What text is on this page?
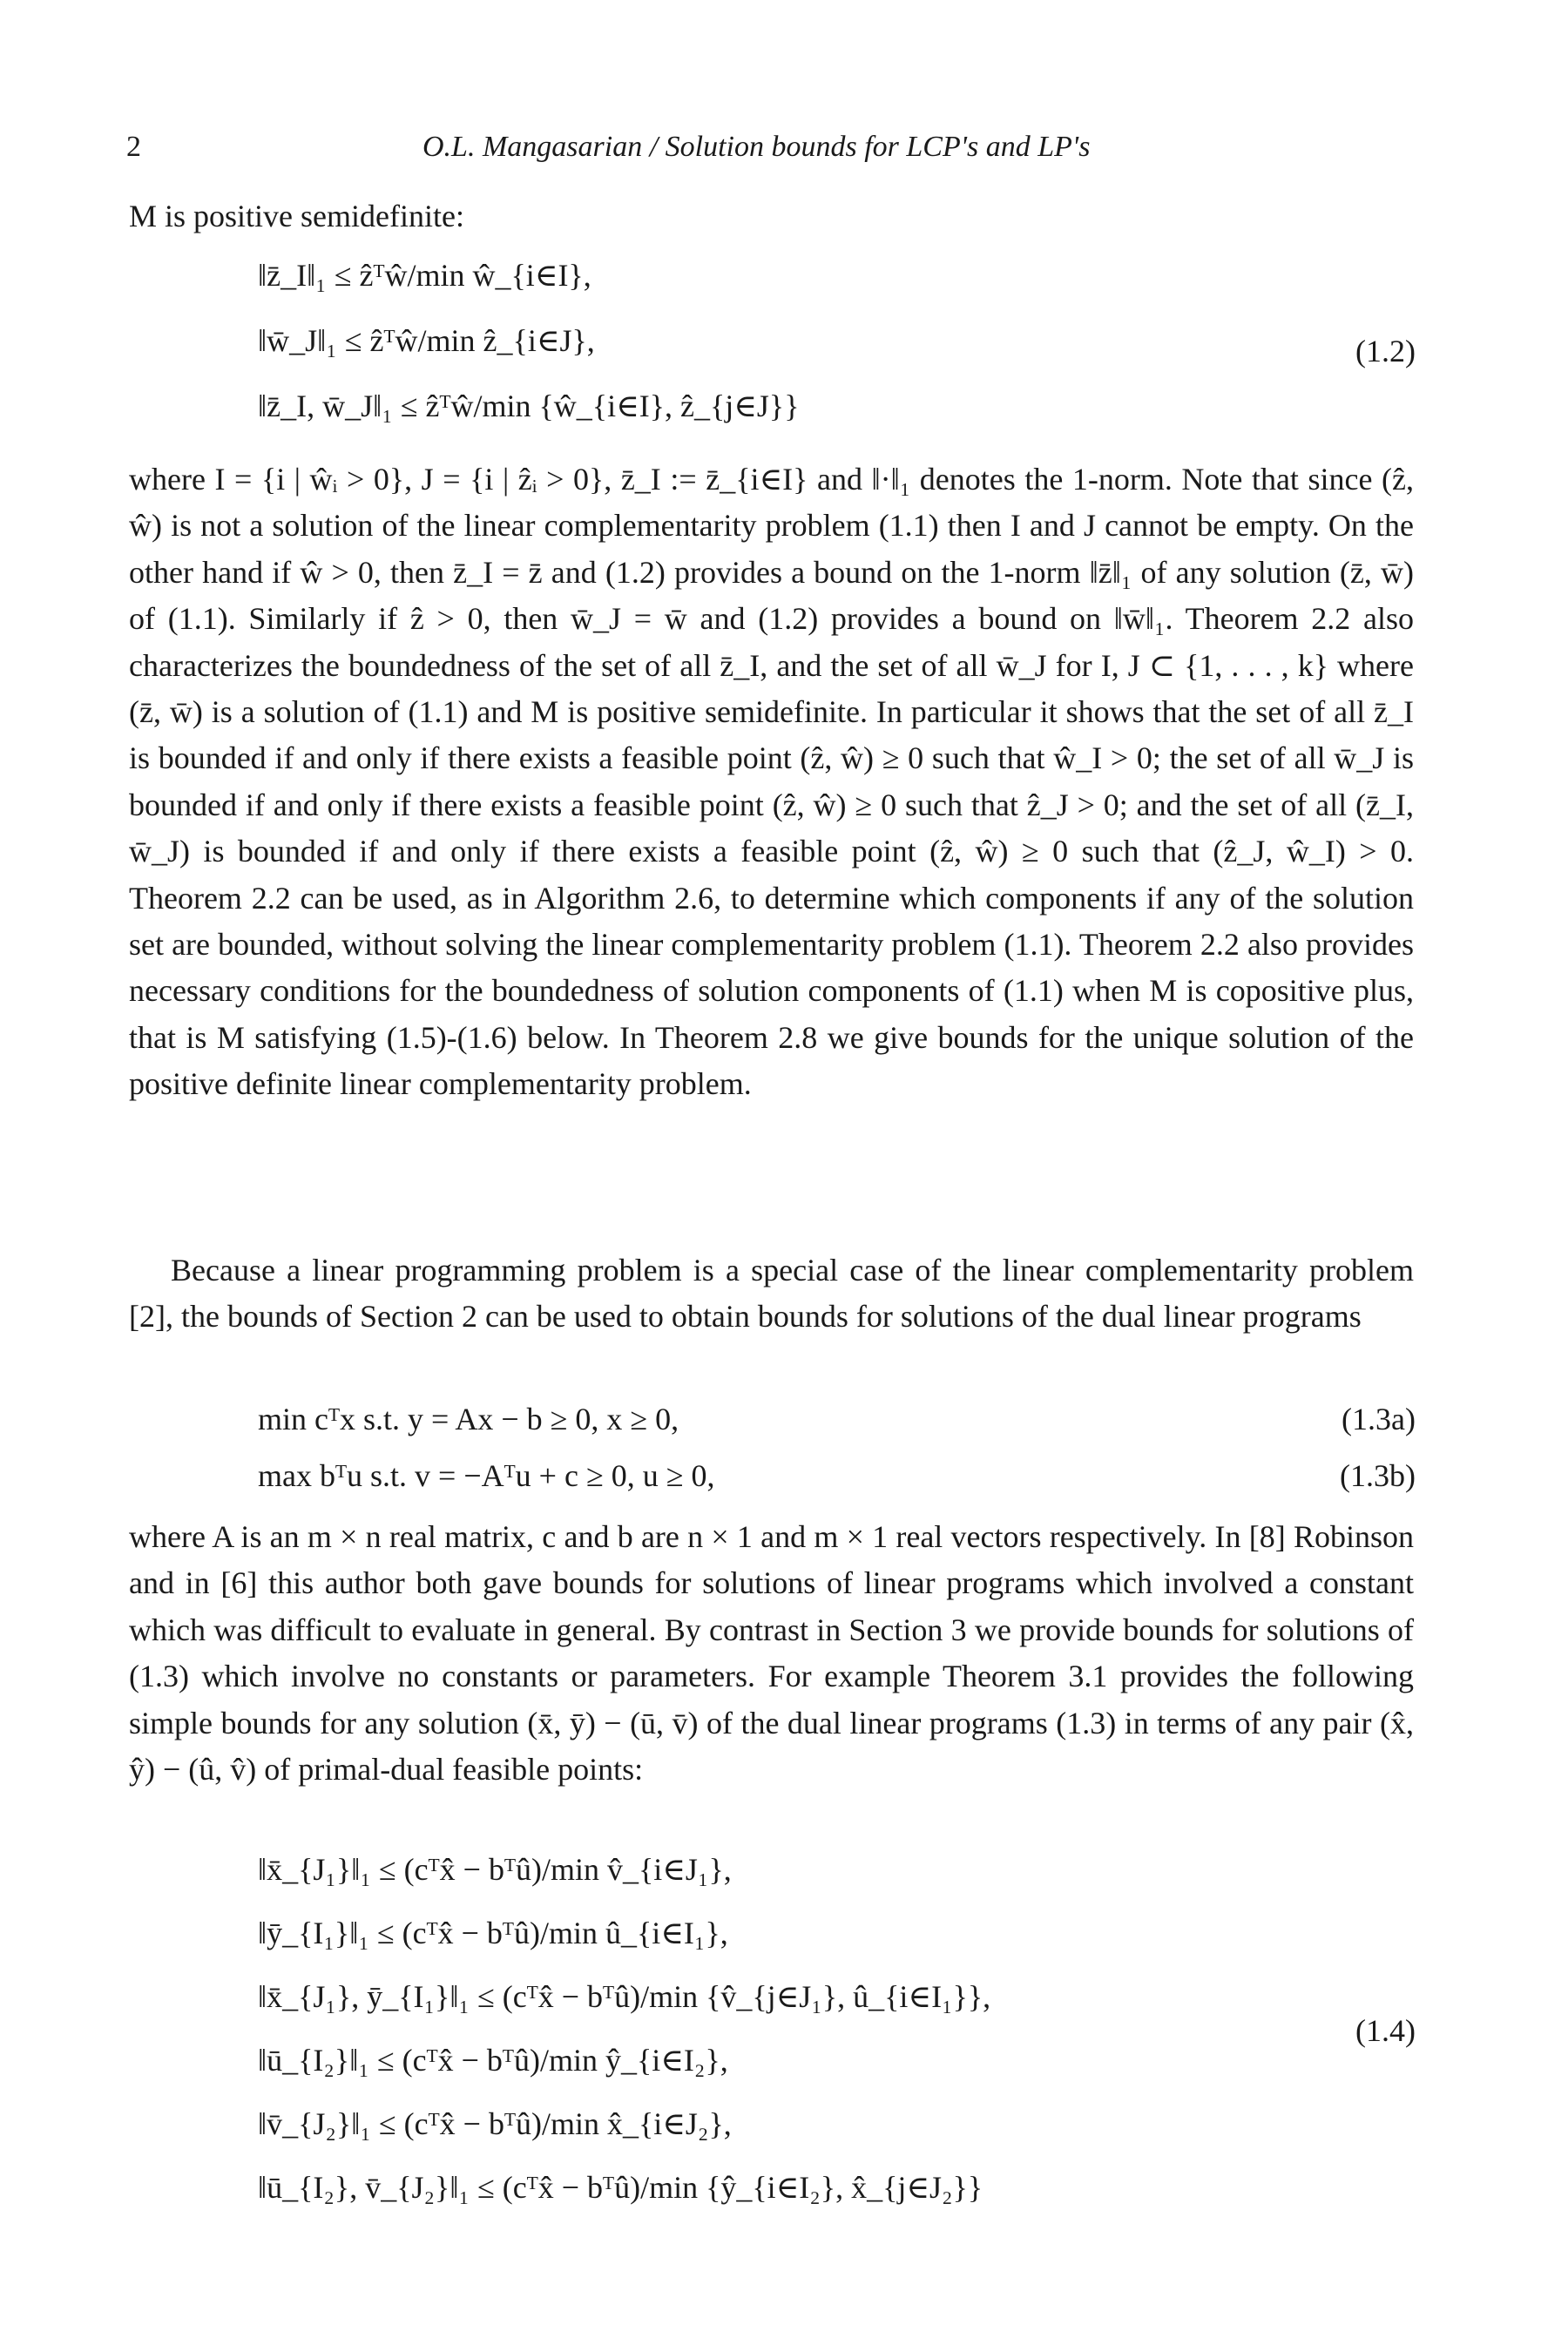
2	O.L. Mangasarian / Solution bounds for LCP's and LP's
M is positive semidefinite:
‖z̄_I‖₁ ≤ ẑᵀŵ/min ŵ_{i∈I},
‖w̄_J‖₁ ≤ ẑᵀŵ/min ẑ_{i∈J},
‖z̄_I, w̄_J‖₁ ≤ ẑᵀŵ/min {ŵ_{i∈I}, ẑ_{j∈J}}
(1.2)
where I = {i | ŵᵢ > 0}, J = {i | ẑᵢ > 0}, z̄_I := z̄_{i∈I} and ‖·‖₁ denotes the 1-norm. Note that since (ẑ, ŵ) is not a solution of the linear complementarity problem (1.1) then I and J cannot be empty. On the other hand if ŵ > 0, then z̄_I = z̄ and (1.2) provides a bound on the 1-norm ‖z̄‖₁ of any solution (z̄, w̄) of (1.1). Similarly if ẑ > 0, then w̄_J = w̄ and (1.2) provides a bound on ‖w̄‖₁. Theorem 2.2 also characterizes the boundedness of the set of all z̄_I, and the set of all w̄_J for I, J ⊂ {1, . . . , k} where (z̄, w̄) is a solution of (1.1) and M is positive semidefinite. In particular it shows that the set of all z̄_I is bounded if and only if there exists a feasible point (ẑ, ŵ) ≥ 0 such that ŵ_I > 0; the set of all w̄_J is bounded if and only if there exists a feasible point (ẑ, ŵ) ≥ 0 such that ẑ_J > 0; and the set of all (z̄_I, w̄_J) is bounded if and only if there exists a feasible point (ẑ, ŵ) ≥ 0 such that (ẑ_J, ŵ_I) > 0. Theorem 2.2 can be used, as in Algorithm 2.6, to determine which components if any of the solution set are bounded, without solving the linear complementarity problem (1.1). Theorem 2.2 also provides necessary conditions for the boundedness of solution components of (1.1) when M is copositive plus, that is M satisfying (1.5)-(1.6) below. In Theorem 2.8 we give bounds for the unique solution of the positive definite linear complementarity problem.
Because a linear programming problem is a special case of the linear complementarity problem [2], the bounds of Section 2 can be used to obtain bounds for solutions of the dual linear programs
min cᵀx s.t. y = Ax − b ≥ 0, x ≥ 0,	(1.3a)
max bᵀu s.t. v = −Aᵀu + c ≥ 0, u ≥ 0,	(1.3b)
where A is an m × n real matrix, c and b are n × 1 and m × 1 real vectors respectively. In [8] Robinson and in [6] this author both gave bounds for solutions of linear programs which involved a constant which was difficult to evaluate in general. By contrast in Section 3 we provide bounds for solutions of (1.3) which involve no constants or parameters. For example Theorem 3.1 provides the following simple bounds for any solution (x̄, ȳ) − (ū, v̄) of the dual linear programs (1.3) in terms of any pair (x̂, ŷ) − (û, v̂) of primal-dual feasible points:
‖x̄_{J₁}‖₁ ≤ (cᵀx̂ − bᵀû)/min v̂_{i∈J₁},
‖ȳ_{I₁}‖₁ ≤ (cᵀx̂ − bᵀû)/min û_{i∈I₁},
‖x̄_{J₁}, ȳ_{I₁}‖₁ ≤ (cᵀx̂ − bᵀû)/min {v̂_{j∈J₁}, û_{i∈I₁}},
‖ū_{I₂}‖₁ ≤ (cᵀx̂ − bᵀû)/min ŷ_{i∈I₂},
‖v̄_{J₂}‖₁ ≤ (cᵀx̂ − bᵀû)/min x̂_{i∈J₂},
‖ū_{I₂}, v̄_{J₂}‖₁ ≤ (cᵀx̂ − bᵀû)/min {ŷ_{i∈I₂}, x̂_{j∈J₂}}
(1.4)
